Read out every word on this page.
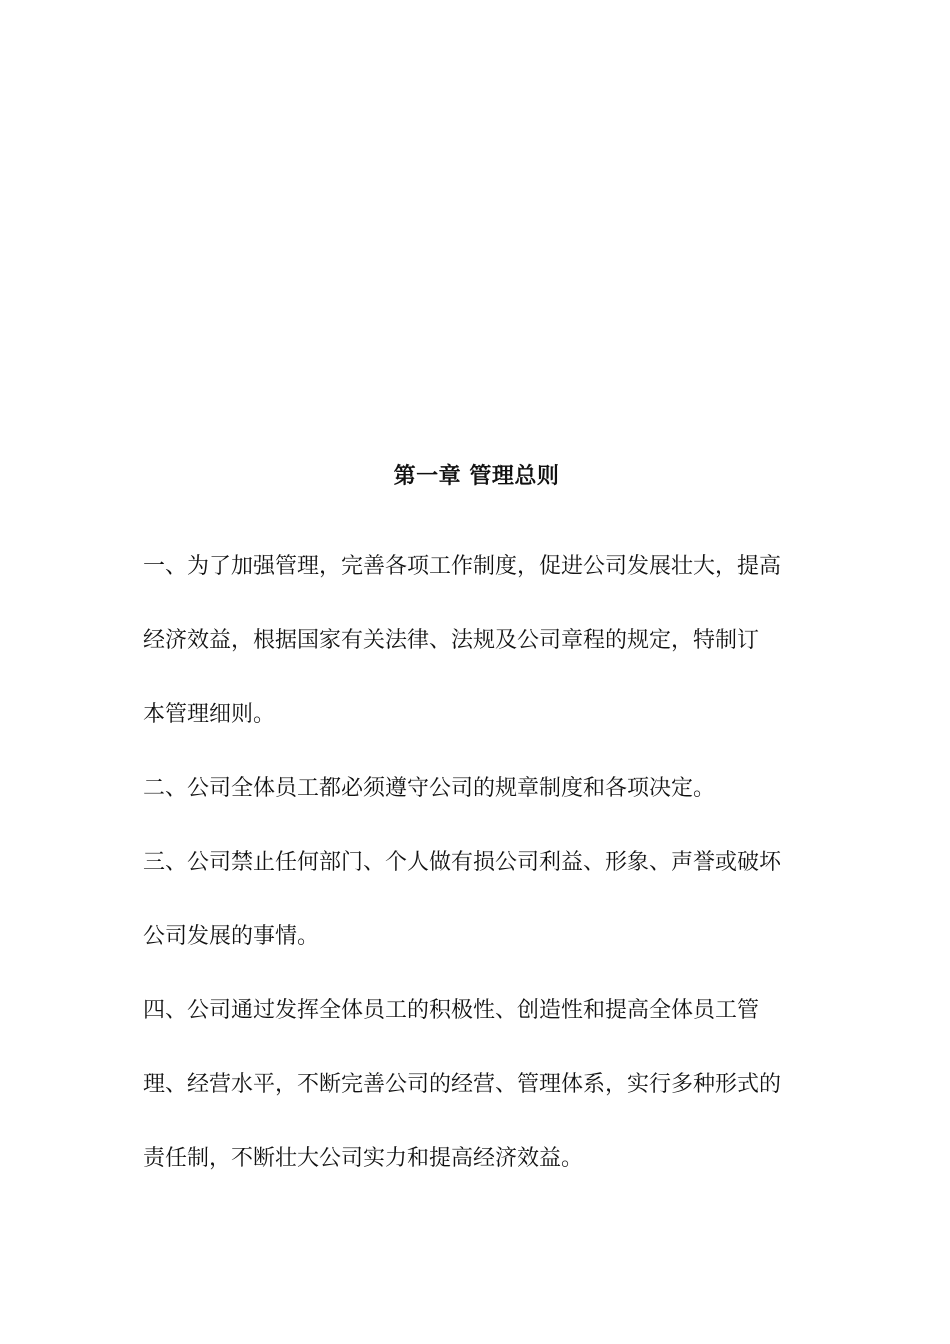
第一章 管理总则
一、为了加强管理，完善各项工作制度，促进公司发展壮大，提高
经济效益，根据国家有关法律、法规及公司章程的规定，特制订
本管理细则。
二、公司全体员工都必须遵守公司的规章制度和各项决定。
三、公司禁止任何部门、个人做有损公司利益、形象、声誉或破坏
公司发展的事情。
四、公司通过发挥全体员工的积极性、创造性和提高全体员工管
理、经营水平，不断完善公司的经营、管理体系，实行多种形式的
责任制，不断壮大公司实力和提高经济效益。
